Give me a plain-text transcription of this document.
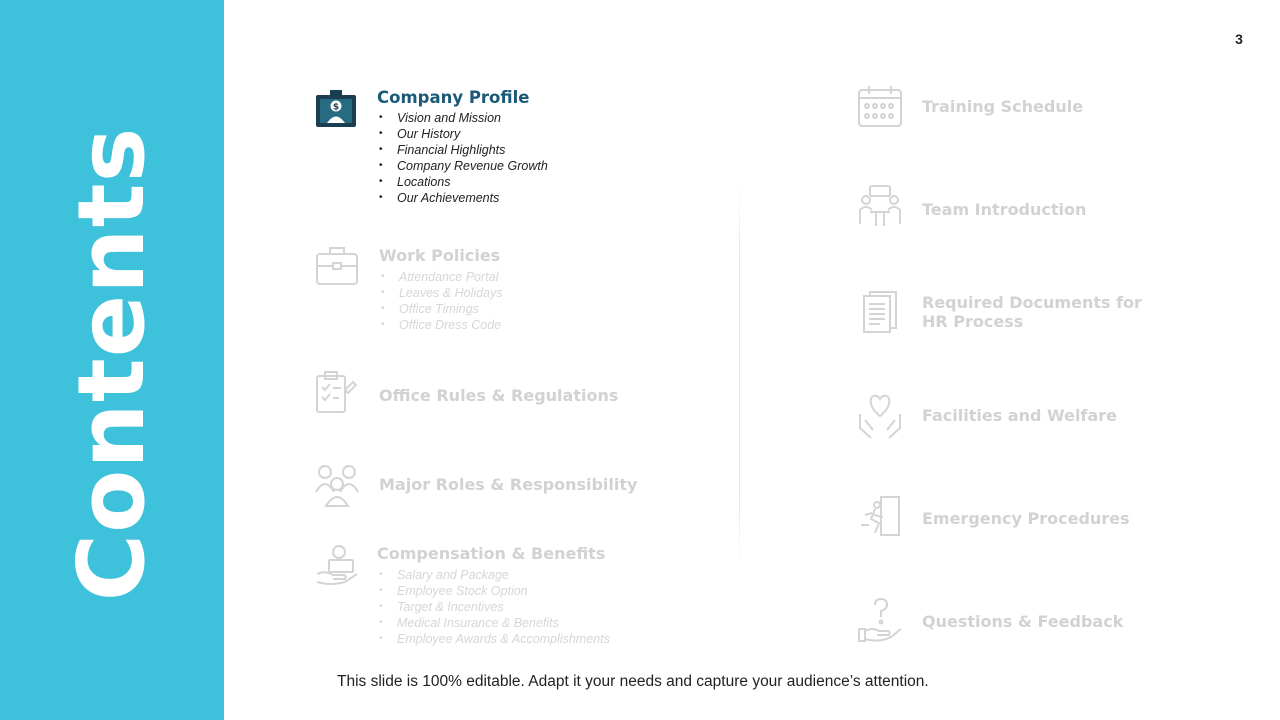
Contents
3
$
Company Profile
• Vision and Mission
• Our History
• Financial Highlights
• Company Revenue Growth
• Locations
• Our Achievements
Work Policies
• Attendance Portal
• Leaves & Holidays
• Office Timings
• Office Dress Code
Office Rules & Regulations
Major Roles & Responsibility
Compensation & Benefits
• Salary and Package
• Employee Stock Option
• Target & Incentives
• Medical Insurance & Benefits
• Employee Awards & Accomplishments
Training Schedule
Team Introduction
Required Documents for HR Process
Facilities and Welfare
Emergency Procedures
Questions & Feedback
This slide is 100% editable. Adapt it your needs and capture your audience’s attention.
